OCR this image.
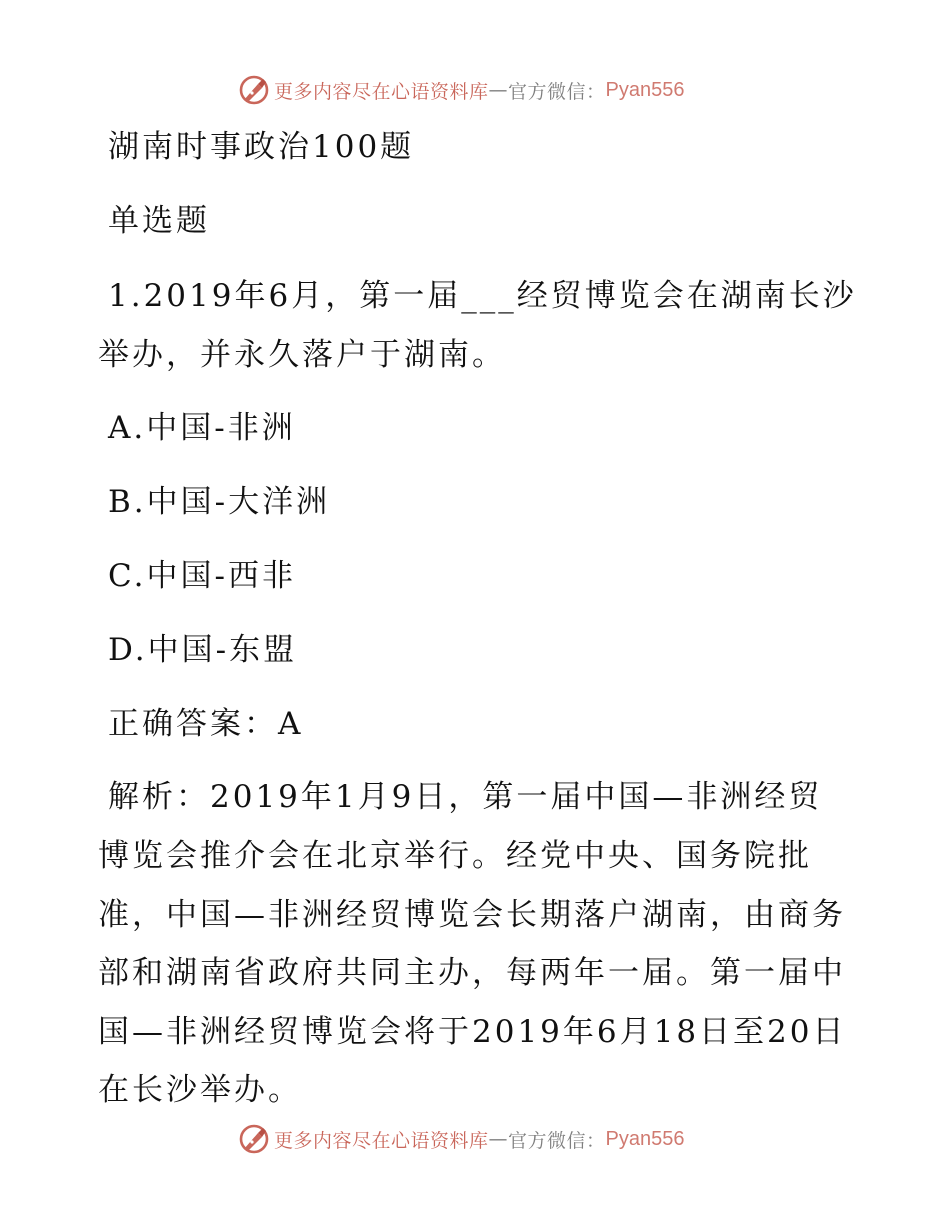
更多内容尽在心语资料库 — 官方微信： Pyan556
湖南时事政治100题
单选题
1.2019年6月，第一届___经贸博览会在湖南长沙
举办，并永久落户于湖南。
A.中国-非洲
B.中国-大洋洲
C.中国-西非
D.中国-东盟
正确答案：A
解析：2019年1月9日，第一届中国—非洲经贸
博览会推介会在北京举行。经党中央、国务院批
准，中国—非洲经贸博览会长期落户湖南，由商务
部和湖南省政府共同主办，每两年一届。第一届中
国—非洲经贸博览会将于2019年6月18日至20日
在长沙举办。
更多内容尽在心语资料库 — 官方微信： Pyan556
